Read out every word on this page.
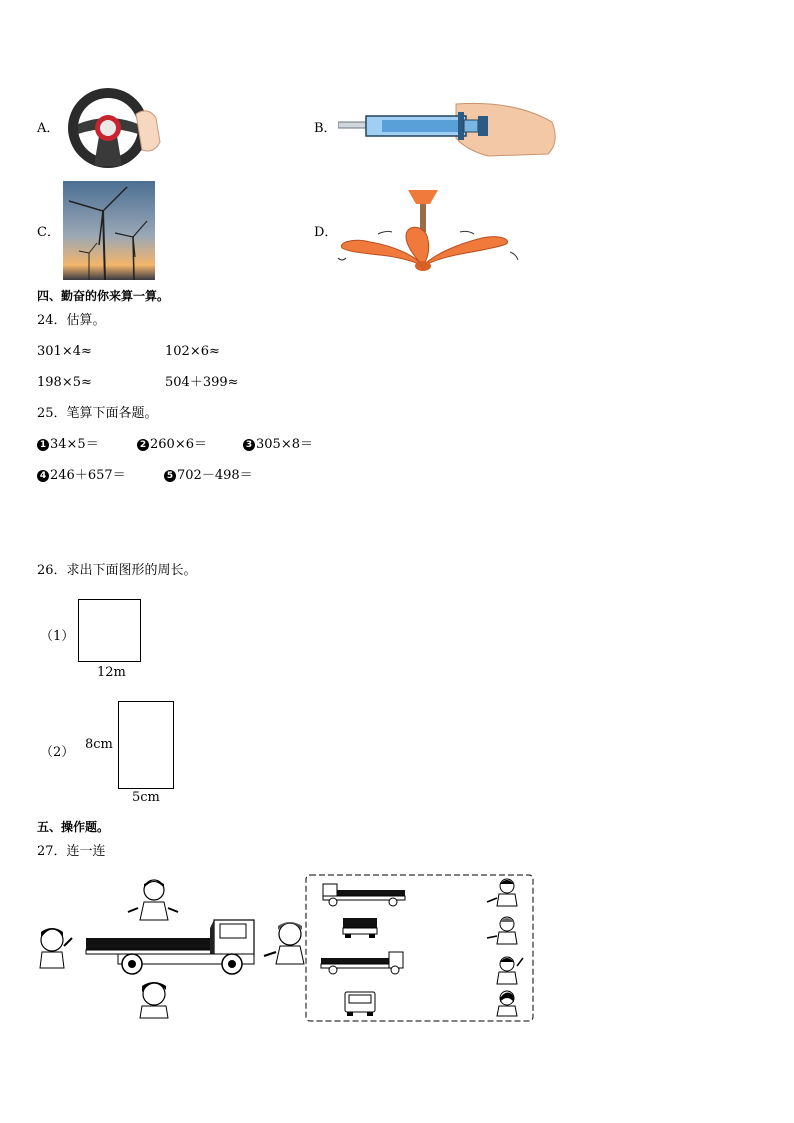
A．	B．
C．	D．
四、勤奋的你来算一算。
24．估算。
301×4≈	102×6≈
198×5≈	504＋399≈
25．笔算下面各题。
1 34×5＝	2 260×6＝	3 305×8＝
4 246＋657＝	5 702－498＝
26．求出下面图形的周长。
（1）
12m
（2）
8cm
5cm
五、操作题。
27．连一连
